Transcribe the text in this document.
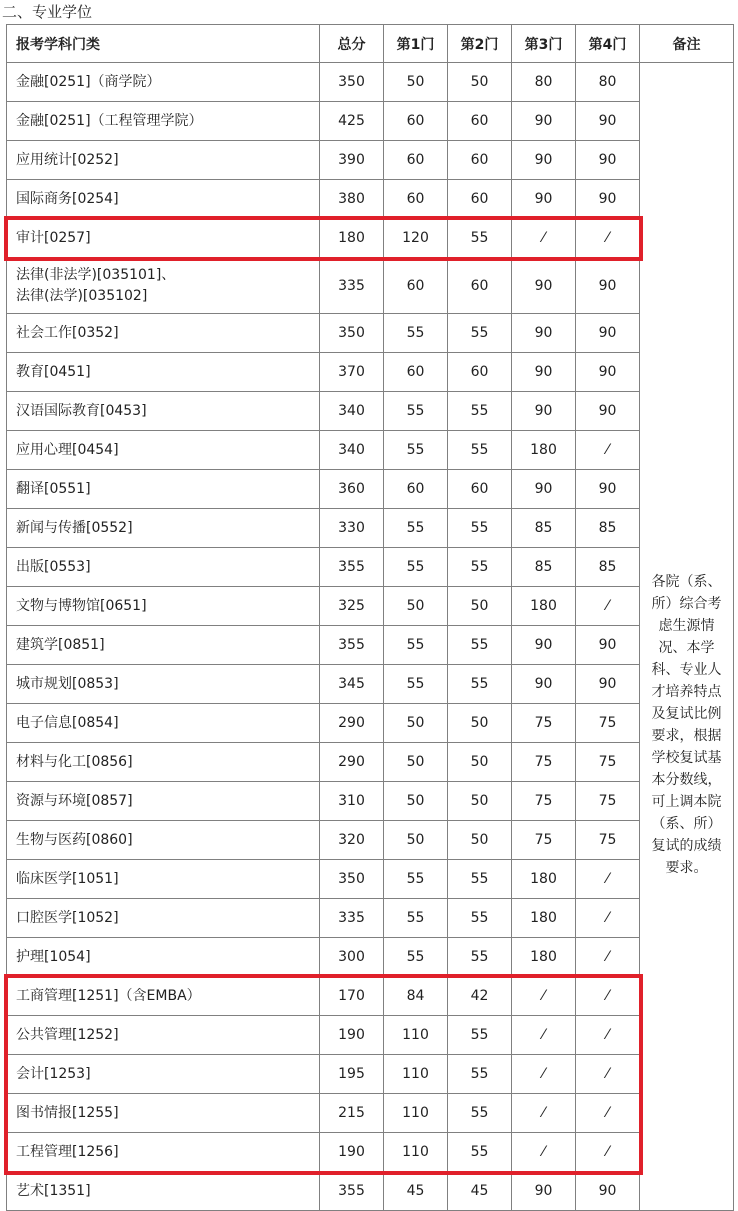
二、专业学位
报考学科门类	总分	第1门	第2门	第3门	第4门	备注
金融[0251]（商学院）	350	50	50	80	80	各院（系、所）综合考虑生源情况、本学科、专业人才培养特点及复试比例要求，根据学校复试基本分数线，可上调本院（系、所）复试的成绩要求。

金融[0251]（工程管理学院）	425	60	60	90	90	
应用统计[0252]	390	60	60	90	90	
国际商务[0254]	380	60	60	90	90	
审计[0257]	180	120	55	⁄	⁄	
法律(非法学)[035101]、
法律(法学)[035102]	335	60	60	90	90	
社会工作[0352]	350	55	55	90	90	
教育[0451]	370	60	60	90	90	
汉语国际教育[0453]	340	55	55	90	90	
应用心理[0454]	340	55	55	180	⁄	
翻译[0551]	360	60	60	90	90	
新闻与传播[0552]	330	55	55	85	85	
出版[0553]	355	55	55	85	85	
文物与博物馆[0651]	325	50	50	180	⁄	
建筑学[0851]	355	55	55	90	90	
城市规划[0853]	345	55	55	90	90	
电子信息[0854]	290	50	50	75	75	
材料与化工[0856]	290	50	50	75	75	
资源与环境[0857]	310	50	50	75	75	
生物与医药[0860]	320	50	50	75	75	
临床医学[1051]	350	55	55	180	⁄	
口腔医学[1052]	335	55	55	180	⁄	
护理[1054]	300	55	55	180	⁄	
工商管理[1251]（含EMBA）	170	84	42	⁄	⁄	
公共管理[1252]	190	110	55	⁄	⁄	
会计[1253]	195	110	55	⁄	⁄	
图书情报[1255]	215	110	55	⁄	⁄	
工程管理[1256]	190	110	55	⁄	⁄	
艺术[1351]	355	45	45	90	90	
